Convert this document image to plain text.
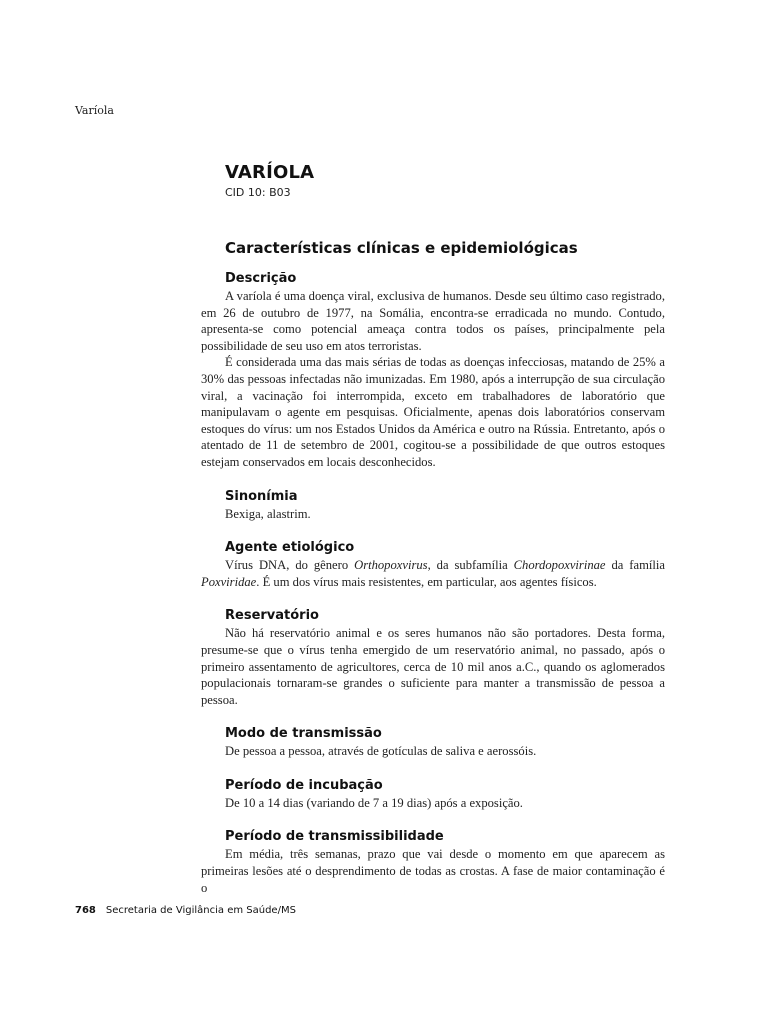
Varíola
VARÍOLA
CID 10: B03
Características clínicas e epidemiológicas
Descrição

A varíola é uma doença viral, exclusiva de humanos. Desde seu último caso registrado, em 26 de outubro de 1977, na Somália, encontra-se erradicada no mundo. Contudo, apresenta-se como potencial ameaça contra todos os países, principalmente pela possibilidade de seu uso em atos terroristas.

É considerada uma das mais sérias de todas as doenças infecciosas, matando de 25% a 30% das pessoas infectadas não imunizadas. Em 1980, após a interrupção de sua circulação viral, a vacinação foi interrompida, exceto em trabalhadores de laboratório que manipulavam o agente em pesquisas. Oficialmente, apenas dois laboratórios conservam estoques do vírus: um nos Estados Unidos da América e outro na Rússia. Entretanto, após o atentado de 11 de setembro de 2001, cogitou-se a possibilidade de que outros estoques estejam conservados em locais desconhecidos.

Sinonímia

Bexiga, alastrim.

Agente etiológico

Vírus DNA, do gênero Orthopoxvirus, da subfamília Chordopoxvirinae da família Poxviridae. É um dos vírus mais resistentes, em particular, aos agentes físicos.

Reservatório

Não há reservatório animal e os seres humanos não são portadores. Desta forma, presume-se que o vírus tenha emergido de um reservatório animal, no passado, após o primeiro assentamento de agricultores, cerca de 10 mil anos a.C., quando os aglomerados populacionais tornaram-se grandes o suficiente para manter a transmissão de pessoa a pessoa.

Modo de transmissão

De pessoa a pessoa, através de gotículas de saliva e aerossóis.

Período de incubação

De 10 a 14 dias (variando de 7 a 19 dias) após a exposição.

Período de transmissibilidade

Em média, três semanas, prazo que vai desde o momento em que aparecem as primeiras lesões até o desprendimento de todas as crostas. A fase de maior contaminação é o

768 Secretaria de Vigilância em Saúde/MS
